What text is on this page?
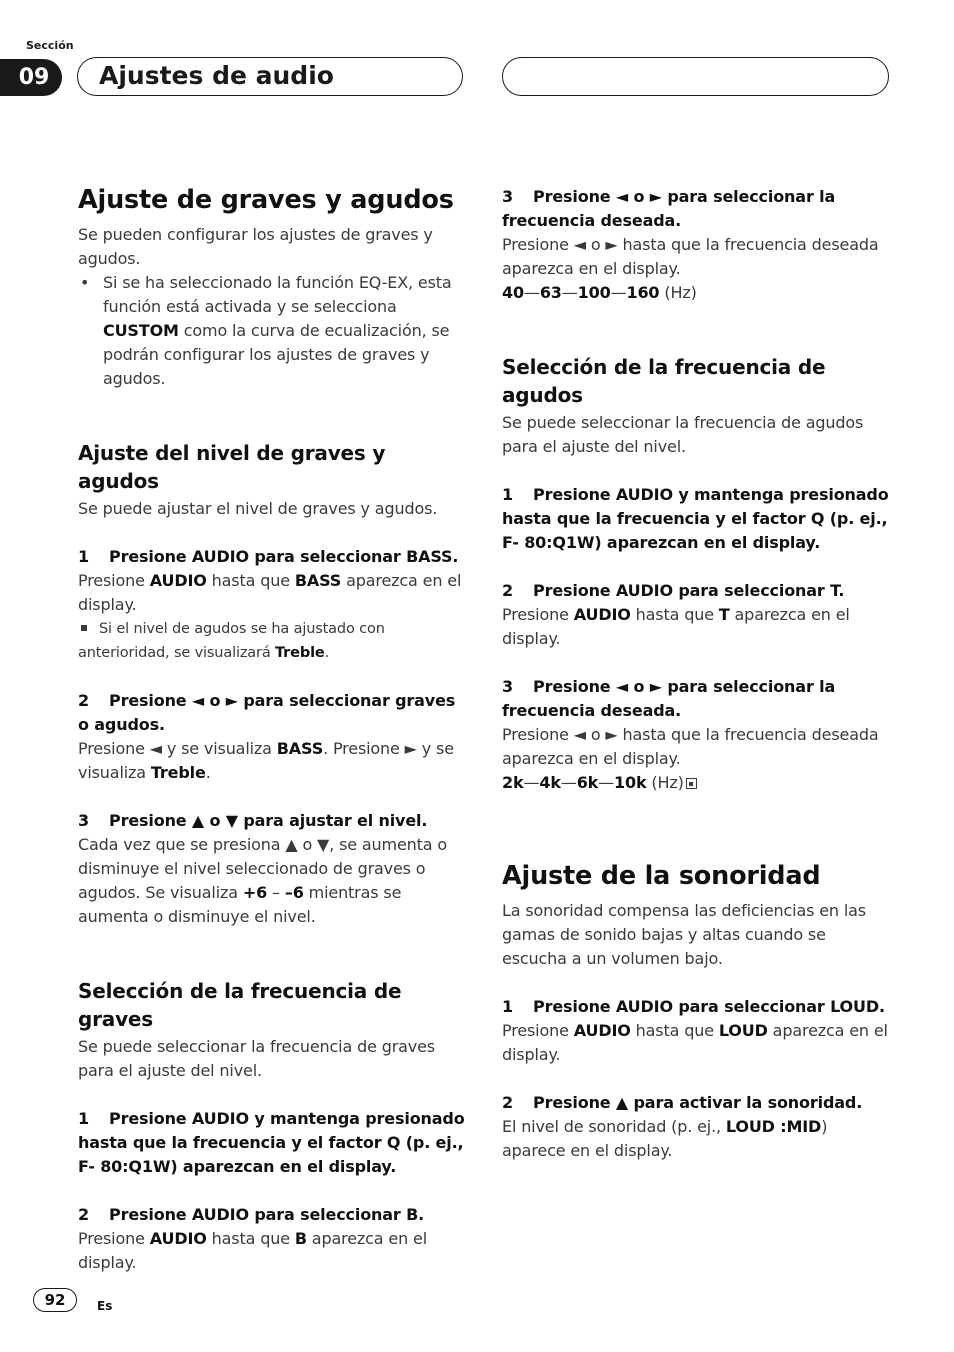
Sección
09	Ajustes de audio
Ajuste de graves y agudos

Se pueden configurar los ajustes de graves y agudos.

• Si se ha seleccionado la función EQ-EX, esta función está activada y se selecciona CUSTOM como la curva de ecualización, se podrán configurar los ajustes de graves y agudos.

Ajuste del nivel de graves y agudos

Se puede ajustar el nivel de graves y agudos.

1 Presione AUDIO para seleccionar BASS.

Presione AUDIO hasta que BASS aparezca en el display.

Si el nivel de agudos se ha ajustado con anterioridad, se visualizará Treble.

2 Presione ◄ o ► para seleccionar graves o agudos.

Presione ◄ y se visualiza BASS. Presione ► y se visualiza Treble.

3 Presione ▲ o ▼ para ajustar el nivel.

Cada vez que se presiona ▲ o ▼, se aumenta o disminuye el nivel seleccionado de graves o agudos. Se visualiza +6 – –6 mientras se aumenta o disminuye el nivel.

Selección de la frecuencia de graves

Se puede seleccionar la frecuencia de graves para el ajuste del nivel.

1 Presione AUDIO y mantenga presionado hasta que la frecuencia y el factor Q (p. ej., F- 80:Q1W) aparezcan en el display.

2 Presione AUDIO para seleccionar B.

Presione AUDIO hasta que B aparezca en el display.

3 Presione ◄ o ► para seleccionar la frecuencia deseada.

Presione ◄ o ► hasta que la frecuencia deseada aparezca en el display.

40—63—100—160 (Hz)

Selección de la frecuencia de agudos

Se puede seleccionar la frecuencia de agudos para el ajuste del nivel.

1 Presione AUDIO y mantenga presionado hasta que la frecuencia y el factor Q (p. ej., F- 80:Q1W) aparezcan en el display.

2 Presione AUDIO para seleccionar T.

Presione AUDIO hasta que T aparezca en el display.

3 Presione ◄ o ► para seleccionar la frecuencia deseada.

Presione ◄ o ► hasta que la frecuencia deseada aparezca en el display.

2k—4k—6k—10k (Hz)

Ajuste de la sonoridad

La sonoridad compensa las deficiencias en las gamas de sonido bajas y altas cuando se escucha a un volumen bajo.

1 Presione AUDIO para seleccionar LOUD.

Presione AUDIO hasta que LOUD aparezca en el display.

2 Presione ▲ para activar la sonoridad.

El nivel de sonoridad (p. ej., LOUD :MID) aparece en el display.

92	Es
